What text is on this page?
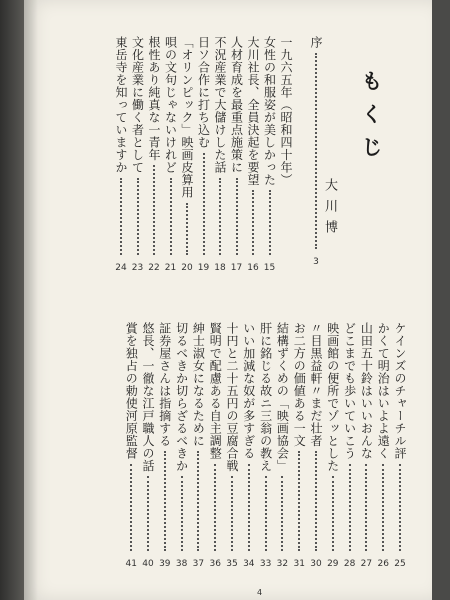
もくじ
大川博
序
3
一九六五年（昭和四十年）
女性の和服姿が美しかった
15
大川社長、全員決起を要望
16
人材育成を最重点施策に
17
不況産業で大儲けした話
18
日ソ合作に打ち込む
19
「オリンピック」映画皮算用
20
唄の文句じゃないけれど
21
根性あり純真な一青年
22
文化産業に働く者として
23
東岳寺を知っていますか
24
ケインズのチャーチル評
25
かくて明治はいよよ遠く
26
山田五十鈴はいいおんな
27
どこまでも歩いていこう
28
映画館の便所でゾッとした
29
〃目黒益軒〃まだ壮者
30
お二方の価値ある一文
31
結構ずくめの「映画協会」
32
肝に銘じる故ニ三翁の教え
33
いい加減な奴が多すぎる
34
十円と二十五円の豆腐合戦
35
賢明で配慮ある自主調整
36
紳士淑女になるために
37
切るべきか切らざるべきか
38
証券屋さんは指摘する
39
悠長、一徹な江戸職人の話
40
賞を独占の勅使河原監督
41
4
